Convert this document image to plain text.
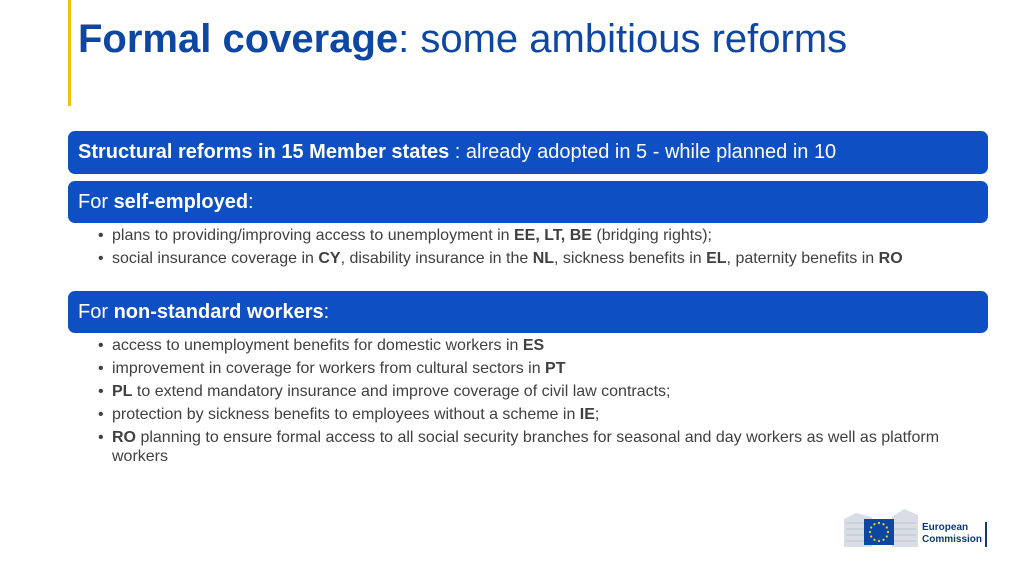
Formal coverage: some ambitious reforms
Structural reforms in 15 Member states : already adopted in 5 - while planned in 10
For self-employed :
• plans to providing/improving access to unemployment in EE, LT, BE (bridging rights);
• social insurance coverage in CY, disability insurance in the NL, sickness benefits in EL, paternity benefits in RO
For non-standard workers :
• access to unemployment benefits for domestic workers in ES
• improvement in coverage for workers from cultural sectors in PT
• PL to extend mandatory insurance and improve coverage of civil law contracts;
• protection by sickness benefits to employees without a scheme in IE;
• RO planning to ensure formal access to all social security branches for seasonal and day workers as well as platform workers
European
Commission
